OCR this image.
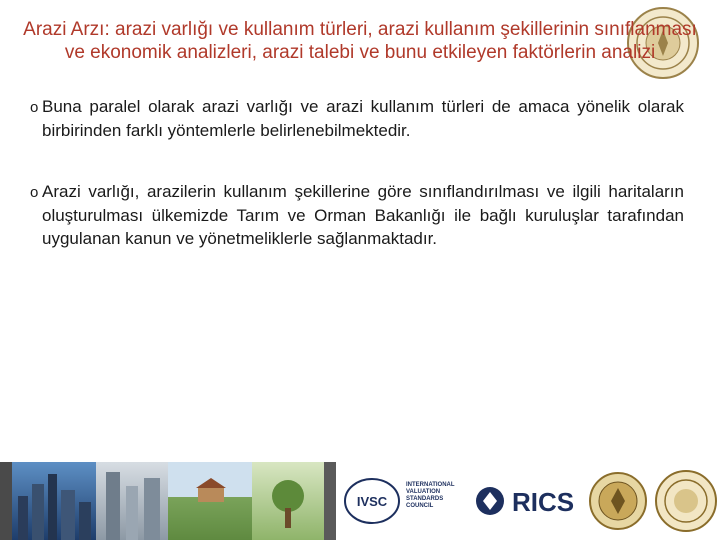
Arazi Arzı: arazi varlığı ve kullanım türleri, arazi kullanım şekillerinin sınıflanması ve ekonomik analizleri, arazi talebi ve bunu etkileyen faktörlerin analizi

o Buna paralel olarak arazi varlığı ve arazi kullanım türleri de amaca yönelik olarak birbirinden farklı yöntemlerle belirlenebilmektedir.

o Arazi varlığı, arazilerin kullanım şekillerine göre sınıflandırılması ve ilgili haritaların oluşturulması ülkemizde Tarım ve Orman Bakanlığı ile bağlı kuruluşlar tarafından uygulanan kanun ve yönetmeliklerle sağlanmaktadır.

IVSC
INTERNATIONAL VALUATION STANDARDS COUNCIL	RICS
